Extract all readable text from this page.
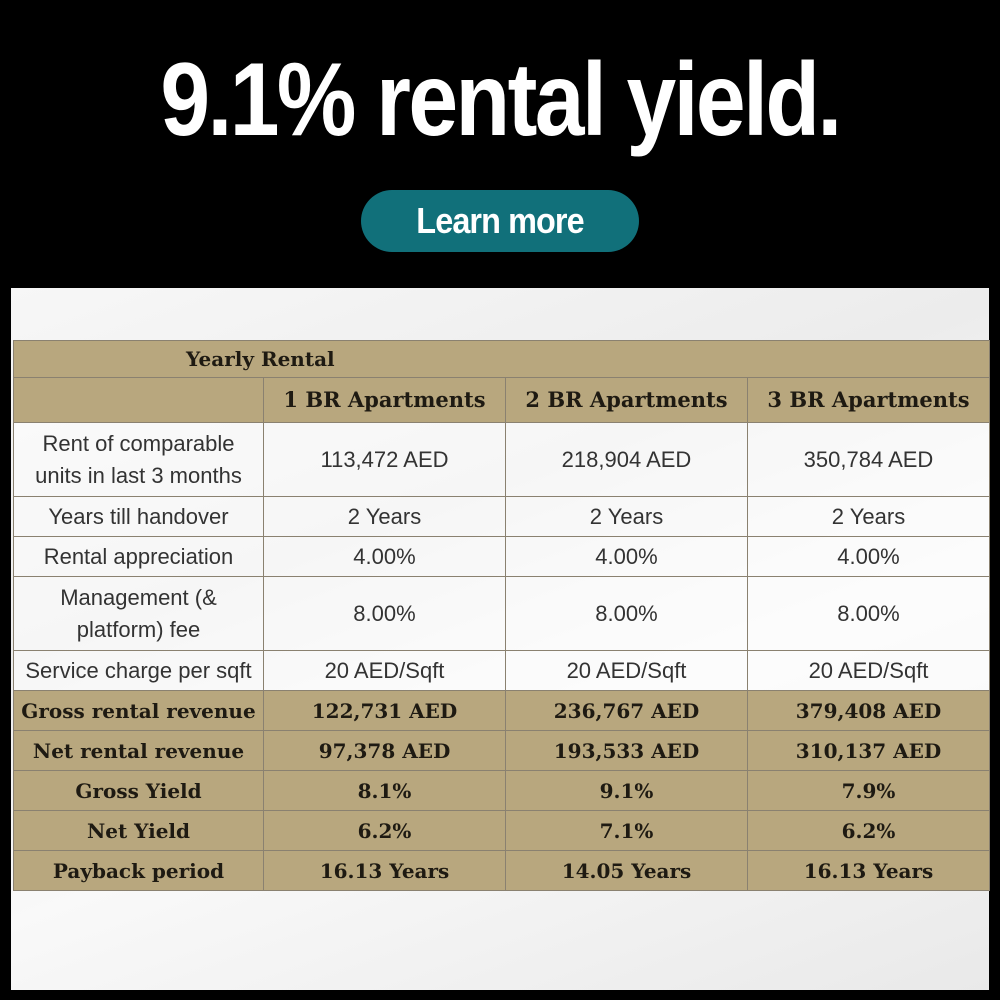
9.1% rental yield.
Learn more
Yearly Rental			
	1 BR Apartments	2 BR Apartments	3 BR Apartments
Rent of comparable units in last 3 months	113,472 AED	218,904 AED	350,784 AED
Years till handover	2 Years	2 Years	2 Years
Rental appreciation	4.00%	4.00%	4.00%
Management (& platform) fee	8.00%	8.00%	8.00%
Service charge per sqft	20 AED/Sqft	20 AED/Sqft	20 AED/Sqft
Gross rental revenue	122,731 AED	236,767 AED	379,408 AED
Net rental revenue	97,378 AED	193,533 AED	310,137 AED
Gross Yield	8.1%	9.1%	7.9%
Net Yield	6.2%	7.1%	6.2%
Payback period	16.13 Years	14.05 Years	16.13 Years
